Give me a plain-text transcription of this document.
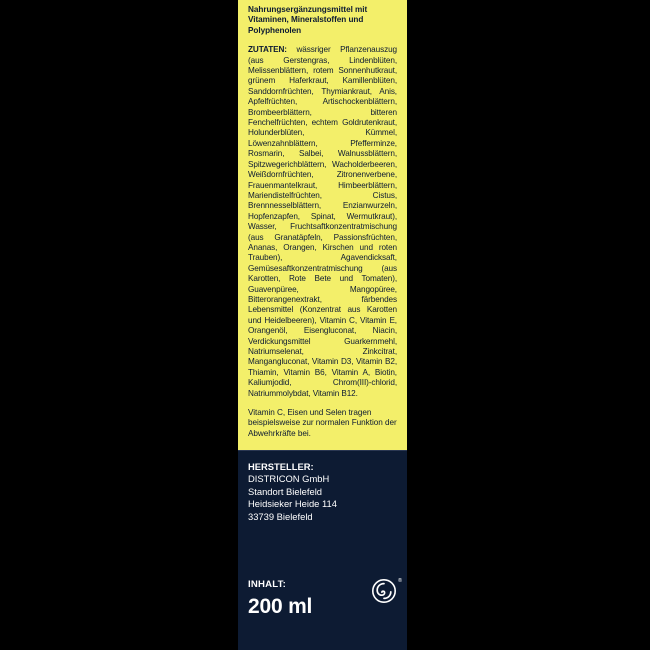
Nahrungsergänzungsmittel mit Vitaminen, Mineralstoffen und Polyphenolen

ZUTATEN: wässriger Pflanzenauszug (aus Gerstengras, Lindenblüten, Melissenblättern, rotem Sonnenhutkraut, grünem Haferkraut, Kamillenblüten, Sanddornfrüchten, Thymiankraut, Anis, Apfelfrüchten, Artischockenblättern, Brombeerblättern, bitteren Fenchelfrüchten, echtem Goldrutenkraut, Holunderblüten, Kümmel, Löwenzahnblättern, Pfefferminze, Rosmarin, Salbei, Walnussblättern, Spitzwegerichblättern, Wacholderbeeren, Weißdornfrüchten, Zitronenverbene, Frauenmantelkraut, Himbeerblättern, Mariendistelfrüchten, Cistus, Brennnesselblättern, Enzianwurzeln, Hopfenzapfen, Spinat, Wermutkraut), Wasser, Fruchtsaftkonzentratmischung (aus Granatäpfeln, Passionsfrüchten, Ananas, Orangen, Kirschen und roten Trauben), Agavendicksaft, Gemüsesaftkonzentratmischung (aus Karotten, Rote Bete und Tomaten), Guavenpüree, Mangopüree, Bitterorangenextrakt, färbendes Lebensmittel (Konzentrat aus Karotten und Heidelbeeren), Vitamin C, Vitamin E, Orangenöl, Eisengluconat, Niacin, Verdickungsmittel Guarkernmehl, Natriumselenat, Zinkcitrat, Mangangluconat, Vitamin D3, Vitamin B2, Thiamin, Vitamin B6, Vitamin A, Biotin, Kaliumjodid, Chrom(III)-chlorid, Natriummolybdat, Vitamin B12.

Vitamin C, Eisen und Selen tragen beispielsweise zur normalen Funktion der Abwehrkräfte bei.

HERSTELLER:

DISTRICON GmbH

Standort Bielefeld

Heidsieker Heide 114

33739 Bielefeld

INHALT:

200 ml

®
